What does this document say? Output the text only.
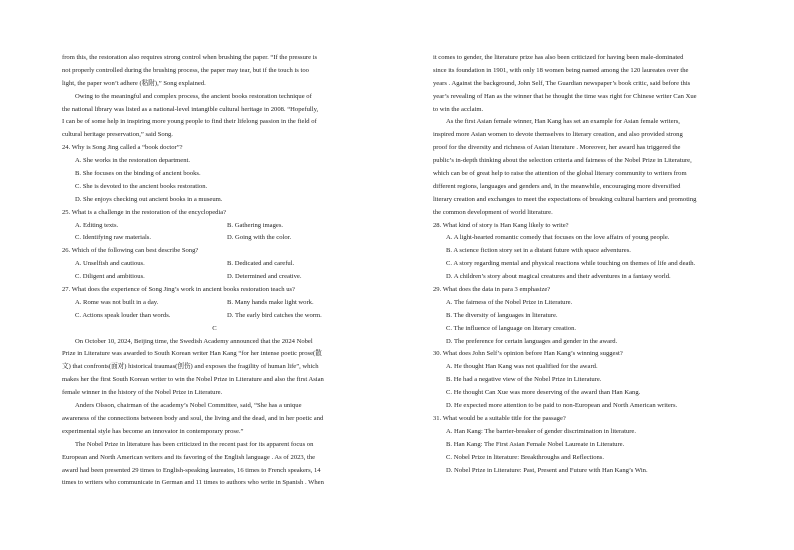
from this, the restoration also requires strong control when brushing the paper. “If the pressure is
not properly controlled during the brushing process, the paper may tear, but if the touch is too
light, the paper won’t adhere (粘附),” Song explained.
Owing to the meaningful and complex process, the ancient books restoration technique of
the national library was listed as a national-level intangible cultural heritage in 2008. “Hopefully,
I can be of some help in inspiring more young people to find their lifelong passion in the field of
cultural heritage preservation,” said Song.
24. Why is Song Jing called a “book doctor”?
A. She works in the restoration department.
B. She focuses on the binding of ancient books.
C. She is devoted to the ancient books restoration.
D. She enjoys checking out ancient books in a museum.
25. What is a challenge in the restoration of the encyclopedia?
A. Editing texts.	B. Gathering images.
C. Identifying raw materials.	D. Going with the color.
26. Which of the following can best describe Song?
A. Unselfish and cautious.	B. Dedicated and careful.
C. Diligent and ambitious.	D. Determined and creative.
27. What does the experience of Song Jing’s work in ancient books restoration teach us?
A. Rome was not built in a day.	B. Many hands make light work.
C. Actions speak louder than words.	D. The early bird catches the worm.
C
On October 10, 2024, Beijing time, the Swedish Academy announced that the 2024 Nobel
Prize in Literature was awarded to South Korean writer Han Kang “for her intense poetic prose(散
文) that confronts(面对) historical traumas(创伤) and exposes the fragility of human life”, which
makes her the first South Korean writer to win the Nobel Prize in Literature and also the first Asian
female winner in the history of the Nobel Prize in Literature.
Anders Olsson, chairman of the academy’s Nobel Committee, said, “She has a unique
awareness of the connections between body and soul, the living and the dead, and in her poetic and
experimental style has become an innovator in contemporary prose.”
The Nobel Prize in literature has been criticized in the recent past for its apparent focus on
European and North American writers and its favoring of the English language . As of 2023, the
award had been presented 29 times to English-speaking laureates, 16 times to French speakers, 14
times to writers who communicate in German and 11 times to authors who write in Spanish . When
it comes to gender, the literature prize has also been criticized for having been male-dominated
since its foundation in 1901, with only 18 women being named among the 120 laureates over the
years . Against the background, John Self, The Guardian newspaper’s book critic, said before this
year’s revealing of Han as the winner that he thought the time was right for Chinese writer Can Xue
to win the acclaim.
As the first Asian female winner, Han Kang has set an example for Asian female writers,
inspired more Asian women to devote themselves to literary creation, and also provided strong
proof for the diversity and richness of Asian literature . Moreover, her award has triggered the
public’s in-depth thinking about the selection criteria and fairness of the Nobel Prize in Literature,
which can be of great help to raise the attention of the global literary community to writers from
different regions, languages and genders and, in the meanwhile, encouraging more diversified
literary creation and exchanges to meet the expectations of breaking cultural barriers and promoting
the common development of world literature.
28. What kind of story is Han Kang likely to write?
A. A light-hearted romantic comedy that focuses on the love affairs of young people.
B. A science fiction story set in a distant future with space adventures.
C. A story regarding mental and physical reactions while touching on themes of life and death.
D. A children’s story about magical creatures and their adventures in a fantasy world.
29. What does the data in para 3 emphasize?
A. The fairness of the Nobel Prize in Literature.
B. The diversity of languages in literature.
C. The influence of language on literary creation.
D. The preference for certain languages and gender in the award.
30. What does John Self’s opinion before Han Kang’s winning suggest?
A. He thought Han Kang was not qualified for the award.
B. He had a negative view of the Nobel Prize in Literature.
C. He thought Can Xue was more deserving of the award than Han Kang.
D. He expected more attention to be paid to non-European and North American writers.
31. What would be a suitable title for the passage?
A. Han Kang: The barrier-breaker of gender discrimination in literature.
B. Han Kang: The First Asian Female Nobel Laureate in Literature.
C. Nobel Prize in literature: Breakthroughs and Reflections.
D. Nobel Prize in Literature: Past, Present and Future with Han Kang’s Win.
